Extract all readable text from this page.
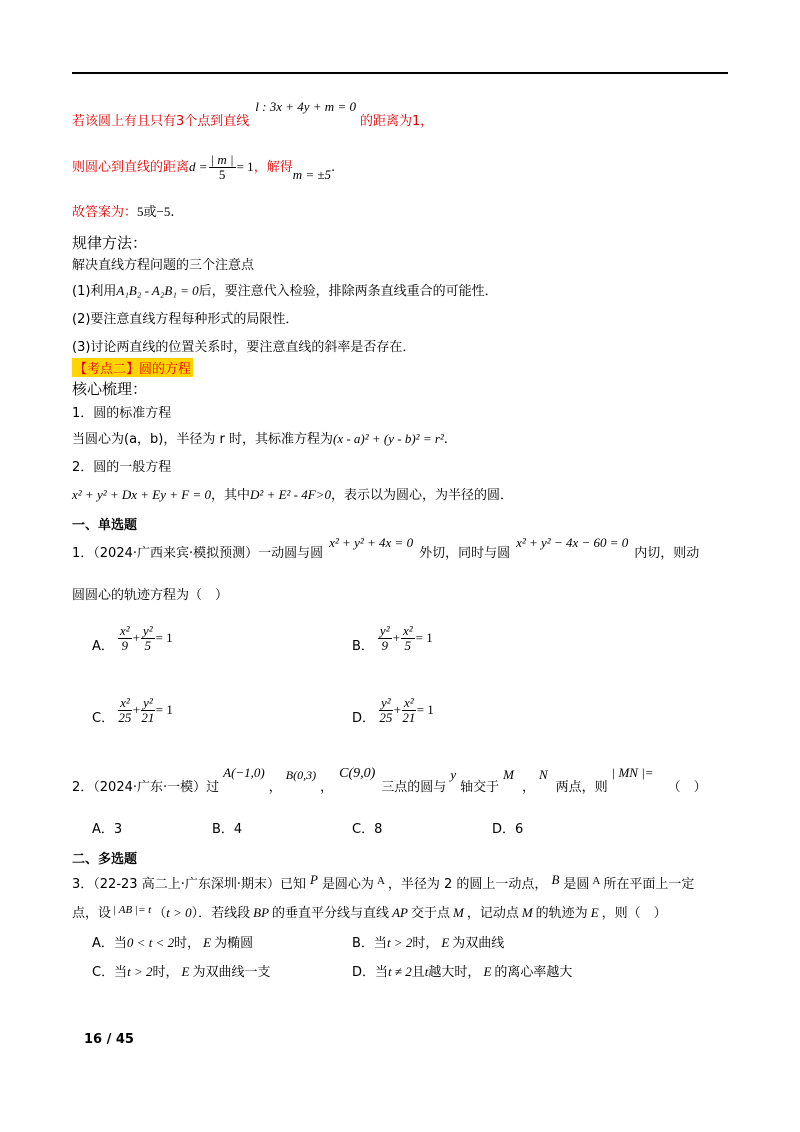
若该圆上有且只有3个点到直线l : 3x + 4y + m = 0的距离为1，
则圆心到直线的距离$d = \frac{| m |}{5} = 1$，解得m = ±5.
故答案为：5或−5.
规律方法：
解决直线方程问题的三个注意点
(1)利用A₁B₂ - A₂B₁ = 0后，要注意代入检验，排除两条直线重合的可能性．
(2)要注意直线方程每种形式的局限性．
(3)讨论两直线的位置关系时，要注意直线的斜率是否存在．
【考点二】圆的方程
核心梳理：
1．圆的标准方程
当圆心为(a，b)，半径为 r 时，其标准方程为(x - a)² + (y - b)² = r².
2．圆的一般方程
x² + y² + Dx + Ey + F = 0，其中D² + E² - 4F>0，表示以为圆心，为半径的圆．
一、单选题
1．（2024·广西来宾·模拟预测）一动圆与圆x² + y² + 4x = 0外切，同时与圆x² + y² − 4x − 60 = 0内切，则动
圆圆心的轨迹方程为（　）
A． $\frac{\text{x²}}{9} + \frac{\text{y²}}{5} = 1$
B． $\frac{\text{y²}}{9} + \frac{\text{x²}}{5} = 1$
C． $\frac{\text{x²}}{25} + \frac{\text{y²}}{21} = 1$
D． $\frac{\text{y²}}{25} + \frac{\text{x²}}{21} = 1$
2．（2024·广东·一模）过A(−1,0)，B(0,3)，C(9,0)三点的圆与y轴交于M，N两点，则| MN |=（　）
A．3	B．4	C．8	D．6
二、多选题
3．（22-23 高二上·广东深圳·期末）已知 P 是圆心为 $^A$ ，半径为 2 的圆上一动点， B 是圆 $^A$ 所在平面上一定
点，设 $^{| AB |= t}$ （t > 0）．若线段 BP 的垂直平分线与直线 AP 交于点 M ，记动点 M 的轨迹为 E ，则（　）
A．当0 < t < 2时， E 为椭圆	B．当t > 2时， E 为双曲线
C．当t > 2时， E 为双曲线一支	D．当t ≠ 2且t越大时， E 的离心率越大
16 / 45
